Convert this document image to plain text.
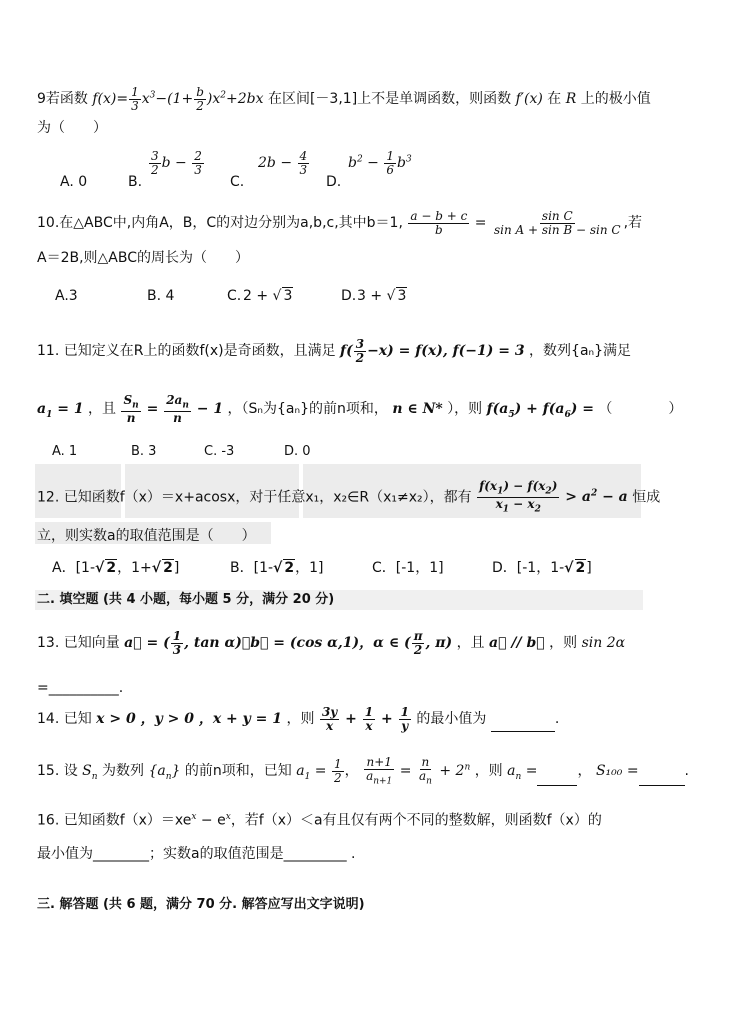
9若函数 $f(x)= \frac{1}{3} x^3-(1+ \frac{b}{2} )x^2+2bx$ 在区间[－3,1]上不是单调函数，则函数 f′(x) 在 R 上的极小值
为（　　）
A. 0	B.
$\frac{3}{2}$ $b - \frac{2}{3}$
C.
$2b - \frac{4}{3}$
D.
$b^2 - \frac{1}{6} b^3$
10.在△ABC中,内角A，B，C的对边分别为a,b,c,其中b＝1, $\frac{a - b + c}{b} = \frac{\text{sin C}}{\text{sin A + sin B − sin C}}$ ,若
A＝2B,则△ABC的周长为（　　）
A.3	B. 4	C. 2 + √ 3	D. 3 + √ 3
11. 已知定义在R上的函数f(x)是奇函数，且满足 $f( \frac{3}{2} -x) = f(x)$, f(−1) = 3 ，数列{aₙ}满足
$a_1 = 1$ ，且 $\frac{S_n}{n} = \frac{2a_n}{n} - 1$ ，（Sₙ为{aₙ}的前n项和， n ∈ N* ），则 $f(a_5) + f(a_6)$ = （　　　　）
A. 1	B. 3	C. -3	D. 0
12. 已知函数f（x）＝x+acosx，对于任意x₁，x₂∈R（x₁≠x₂），都有 $\frac{f(x_1) - f(x_2)}{x_1 - x_2} > a^2 - a$ 恒成
立，则实数a的取值范围是（　　）
A．[1-√ 2，1+√ 2]	B．[1-√ 2，1]	C．[-1，1]	D．[-1，1-√ 2]
二. 填空题 (共 4 小题，每小题 5 分，满分 20 分)
13. 已知向量 a⃗ = ( $\frac{1}{3}$ , tan α)，b⃗ = (cos α,1)，α ∈ ( $\frac{\pi}{2}$ , π) ，且 a⃗ // b⃗ ，则 sin 2α
=__________.
14. 已知 x > 0 ，y > 0 ，x + y = 1 ，则 $\frac{3y}{x} + \frac{1}{x} + \frac{1}{y}$ 的最小值为	.
15. 设 $S_n$ 为数列 $\{a_n\}$ 的前n项和，已知 $a_1 = \frac{1}{2}$ ， $\frac{n+1}{a_{n+1}} = \frac{n}{a_n} + 2^n$ ，则 $a_n$ =	， S₁₀₀ =	.
16. 已知函数$f(x)=xe^x - e^x$，若f（x）＜a有且仅有两个不同的整数解，则函数f（x）的
最小值为________；实数a的取值范围是_________ .
三. 解答题 (共 6 题，满分 70 分. 解答应写出文字说明)
